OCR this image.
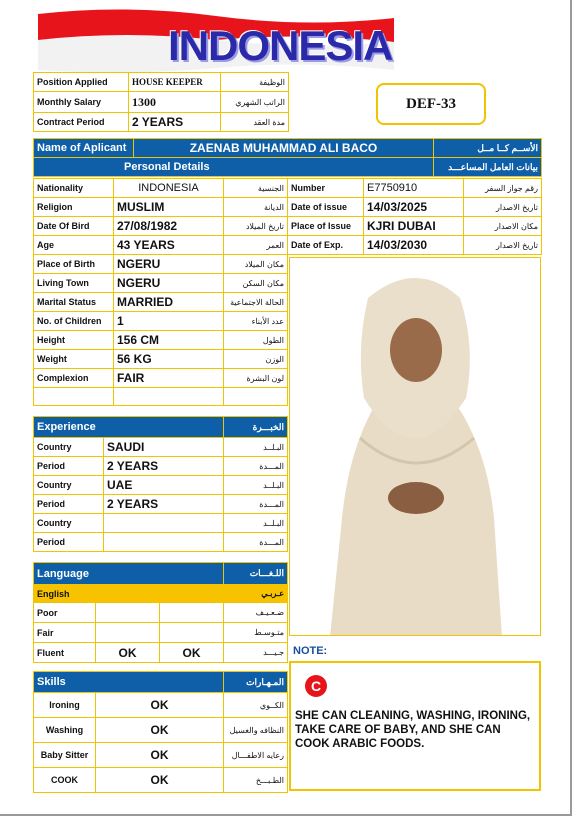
INDONESIA
Position Applied	HOUSE KEEPER	الوظيفة
Monthly Salary	1300	الراتب الشهري
Contract Period	2 YEARS	مدة العقد
DEF-33
Name of Aplicant	ZAENAB MUHAMMAD ALI BACO	الأســم كــا مــل
Personal Details		بيانات العامل المساعـــد
Nationality	INDONESIA	الجنسية
Religion	MUSLIM	الديانة
Date Of Bird	27/08/1982	تاريخ الميلاد
Age	43 YEARS	العمر
Place of Birth	NGERU	مكان الميلاد
Living Town	NGERU	مكان السكن
Marital Status	MARRIED	الحالة الاجتماعية
No. of Children	1	عدد الأبناء
Height	156 CM	الطول
Weight	56 KG	الوزن
Complexion	FAIR	لون البشرة

Number	E7750910	رقم جواز السفر
Date of issue	14/03/2025	تاريخ الاصدار
Place of Issue	KJRI DUBAI	مكان الاصدار
Date of Exp.	14/03/2030	تاريخ الاصدار
Experience		الخبـــرة
Country	SAUDI	البـلــد
Period	2 YEARS	المـــدة
Country	UAE	البـلــد
Period	2 YEARS	المـــدة
Country		البـلــد
Period		المـــدة
Language			اللـغـــات
English			عـربـي
Poor			ضـعـيـف
Fair			متـوسـط
Fluent	OK	OK	جـيـــد
Skills		المـهـارات
Ironing	OK	الكــوي
Washing	OK	النظافه والغسيل
Baby Sitter	OK	رعايه الاطفـــال
COOK	OK	الطـبـــخ
NOTE:
C
SHE CAN CLEANING, WASHING, IRONING, TAKE CARE OF BABY, AND SHE CAN COOK ARABIC FOODS.
